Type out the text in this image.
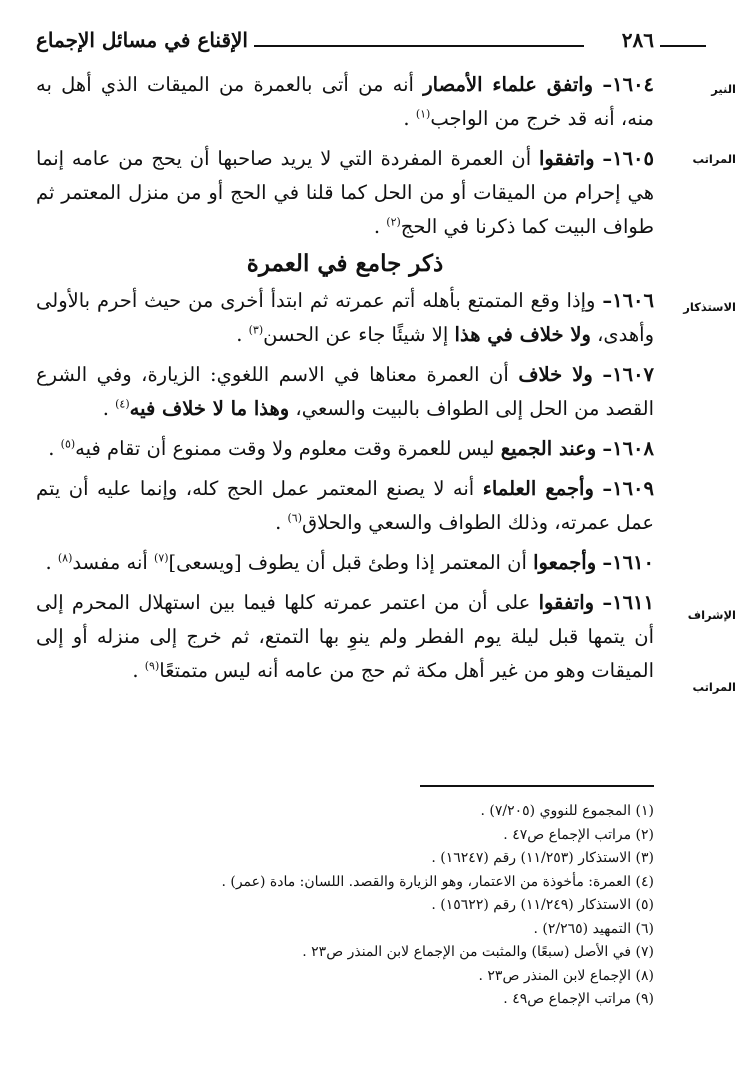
٢٨٦
الإقناع في مسائل الإجماع
النير
المراتب
الاستذكار
الإشراف
المراتب

١٦٠٤– واتفق علماء الأمصار أنه من أتى بالعمرة من الميقات الذي أهل به منه، أنه قد خرج من الواجب$^{(١)}$ .

١٦٠٥– واتفقوا أن العمرة المفردة التي لا يريد صاحبها أن يحج من عامه إنما هي إحرام من الميقات أو من الحل كما قلنا في الحج أو من منزل المعتمر ثم طواف البيت كما ذكرنا في الحج$^{(٢)}$ .

ذكر جامع في العمرة

١٦٠٦– وإذا وقع المتمتع بأهله أتم عمرته ثم ابتدأ أخرى من حيث أحرم بالأولى وأهدى، ولا خلاف في هذا إلا شيئًا جاء عن الحسن$^{(٣)}$ .

١٦٠٧– ولا خلاف أن العمرة معناها في الاسم اللغوي: الزيارة، وفي الشرع القصد من الحل إلى الطواف بالبيت والسعي، وهذا ما لا خلاف فيه$^{(٤)}$ .

١٦٠٨– وعند الجميع ليس للعمرة وقت معلوم ولا وقت ممنوع أن تقام فيه$^{(٥)}$ .

١٦٠٩– وأجمع العلماء أنه لا يصنع المعتمر عمل الحج كله، وإنما عليه أن يتم عمل عمرته، وذلك الطواف والسعي والحلاق$^{(٦)}$ .

١٦١٠– وأجمعوا أن المعتمر إذا وطئ قبل أن يطوف [ويسعى]$^{(٧)}$ أنه مفسد$^{(٨)}$ .

١٦١١– واتفقوا على أن من اعتمر عمرته كلها فيما بين استهلال المحرم إلى أن يتمها قبل ليلة يوم الفطر ولم ينوِ بها التمتع، ثم خرج إلى منزله أو إلى الميقات وهو من غير أهل مكة ثم حج من عامه أنه ليس متمتعًا$^{(٩)}$ .

(١) المجموع للنووي (٧/٢٠٥) .
(٢) مراتب الإجماع ص٤٧ .
(٣) الاستذكار (١١/٢٥٣) رقم (١٦٢٤٧) .
(٤) العمرة: مأخوذة من الاعتمار، وهو الزيارة والقصد. اللسان: مادة (عمر) .
(٥) الاستذكار (١١/٢٤٩) رقم (١٥٦٢٢) .
(٦) التمهيد (٢/٢٦٥) .
(٧) في الأصل (سبعًا) والمثبت من الإجماع لابن المنذر ص٢٣ .
(٨) الإجماع لابن المنذر ص٢٣ .
(٩) مراتب الإجماع ص٤٩ .
